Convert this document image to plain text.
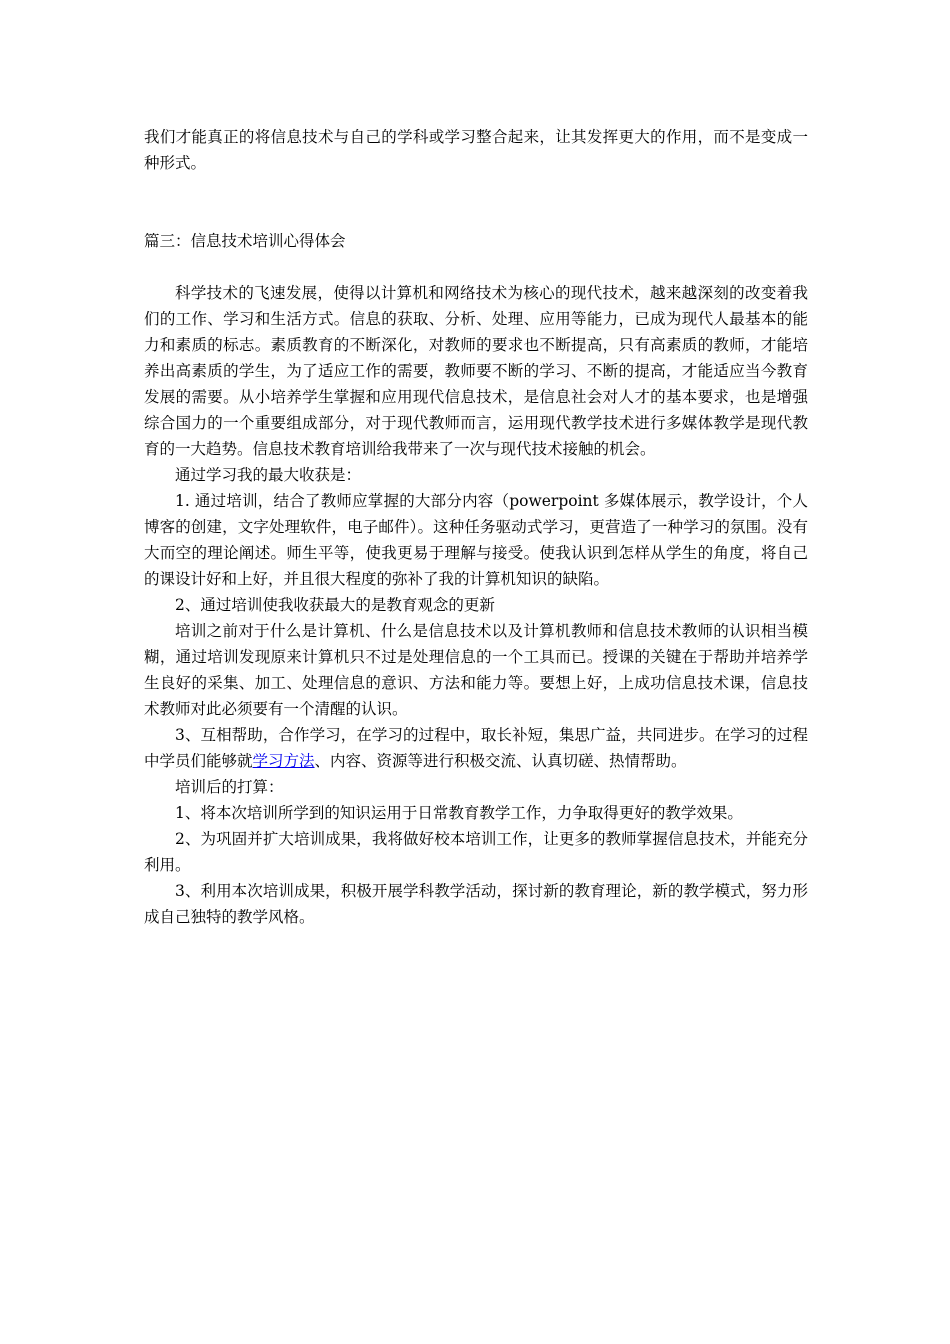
我们才能真正的将信息技术与自己的学科或学习整合起来，让其发挥更大的作用，而不是变成一种形式。

篇三：信息技术培训心得体会

科学技术的飞速发展，使得以计算机和网络技术为核心的现代技术，越来越深刻的改变着我们的工作、学习和生活方式。信息的获取、分析、处理、应用等能力，已成为现代人最基本的能力和素质的标志。素质教育的不断深化，对教师的要求也不断提高，只有高素质的教师，才能培养出高素质的学生，为了适应工作的需要，教师要不断的学习、不断的提高，才能适应当今教育发展的需要。从小培养学生掌握和应用现代信息技术，是信息社会对人才的基本要求，也是增强综合国力的一个重要组成部分，对于现代教师而言，运用现代教学技术进行多媒体教学是现代教育的一大趋势。信息技术教育培训给我带来了一次与现代技术接触的机会。

通过学习我的最大收获是：

1. 通过培训，结合了教师应掌握的大部分内容（powerpoint 多媒体展示，教学设计，个人博客的创建，文字处理软件，电子邮件）。这种任务驱动式学习，更营造了一种学习的氛围。没有大而空的理论阐述。师生平等，使我更易于理解与接受。使我认识到怎样从学生的角度，将自己的课设计好和上好，并且很大程度的弥补了我的计算机知识的缺陷。

2、通过培训使我收获最大的是教育观念的更新

培训之前对于什么是计算机、什么是信息技术以及计算机教师和信息技术教师的认识相当模糊，通过培训发现原来计算机只不过是处理信息的一个工具而已。授课的关键在于帮助并培养学生良好的采集、加工、处理信息的意识、方法和能力等。要想上好，上成功信息技术课，信息技术教师对此必须要有一个清醒的认识。

3、互相帮助，合作学习，在学习的过程中，取长补短，集思广益，共同进步。在学习的过程中学员们能够就学习方法、内容、资源等进行积极交流、认真切磋、热情帮助。

培训后的打算：

1、将本次培训所学到的知识运用于日常教育教学工作，力争取得更好的教学效果。

2、为巩固并扩大培训成果，我将做好校本培训工作，让更多的教师掌握信息技术，并能充分利用。

3、利用本次培训成果，积极开展学科教学活动，探讨新的教育理论，新的教学模式，努力形成自己独特的教学风格。
